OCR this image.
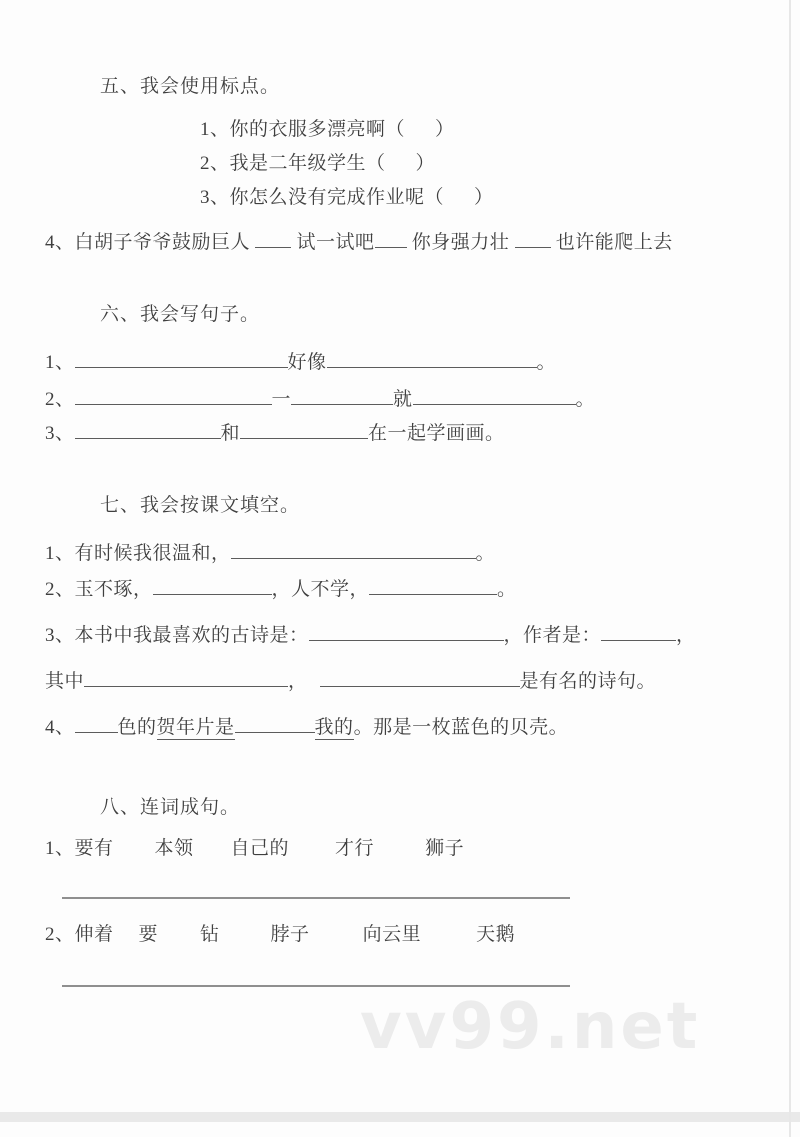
五、我会使用标点。
1、你的衣服多漂亮啊（ ）
2、我是二年级学生（ ）
3、你怎么没有完成作业呢（ ）
4、白胡子爷爷鼓励巨人  试一试吧 你身强力壮  也许能爬上去
六、我会写句子。
1、	好像	。
2、	一	就	。
3、	和	在一起学画画。
七、我会按课文填空。
1、有时候我很温和，	。
2、玉不琢，	，人不学，	。
3、本书中我最喜欢的古诗是：	，作者是：	，
其中	，	是有名的诗句。
4、 色的贺年片是	我的。那是一枚蓝色的贝壳。
八、连词成句。
1、要有 本领 自己的 才行	狮子
2、伸着 要 钻	脖子	向云里	天鹅
vv99.net
